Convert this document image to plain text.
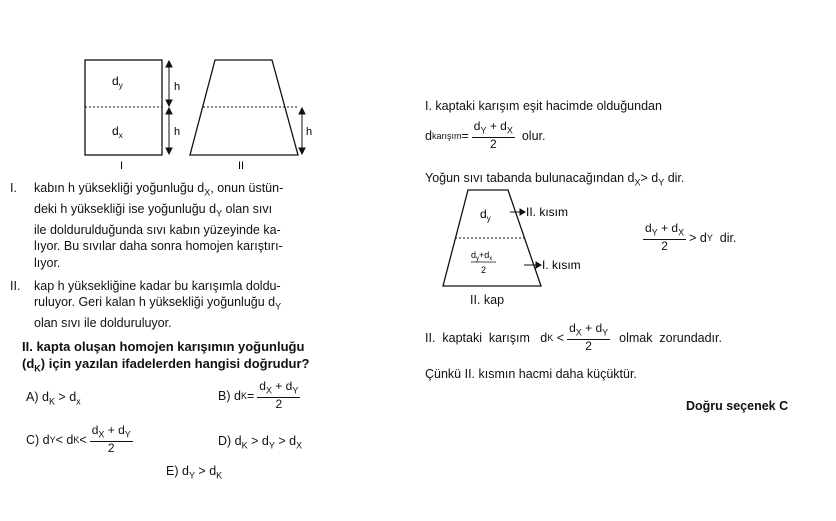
$d_y$
$d_x$
h
h	h
I	II
I.	kabın h yüksekliği yoğunluğu $d_X$, onun üstün-
deki h yüksekliği ise yoğunluğu $d_Y$ olan sıvı
ile doldurulduğunda sıvı kabın yüzeyinde ka-
lıyor. Bu sıvılar daha sonra homojen karıştırı-
lıyor.
II.	kap h yüksekliğine kadar bu karışımla doldu-
ruluyor. Geri kalan h yüksekliği yoğunluğu $d_Y$
olan sıvı ile dolduruluyor.
II. kapta oluşan homojen karışımın yoğunluğu
$(d_K)$ için yazılan ifadelerden hangisi doğrudur?
A) $d_K > d_x$	B) d $K = \frac{d_X + d_Y}{2}$
C) d Y < d $K < \frac{d_X + d_Y}{2}$	D) $d_K > d_Y > d_X$
E) $d_Y > d_K$
I. kaptaki karışım eşit hacimde olduğundan
d karışım = $\frac{d_Y + d_X}{2}$ olur.
Yoğun sıvı tabanda bulunacağından $d_X> d_Y$ dir.
$d_y$
$d_y+d_x$
2
II. kısım
I. kısım
II. kap
$\frac{d_Y + d_X}{2} > d$ Y dir.
II.  kaptaki  karışım   d $K < \frac{d_X + d_Y}{2}$ olmak  zorundadır.
Çünkü II. kısmın hacmi daha küçüktür.
Doğru seçenek C
